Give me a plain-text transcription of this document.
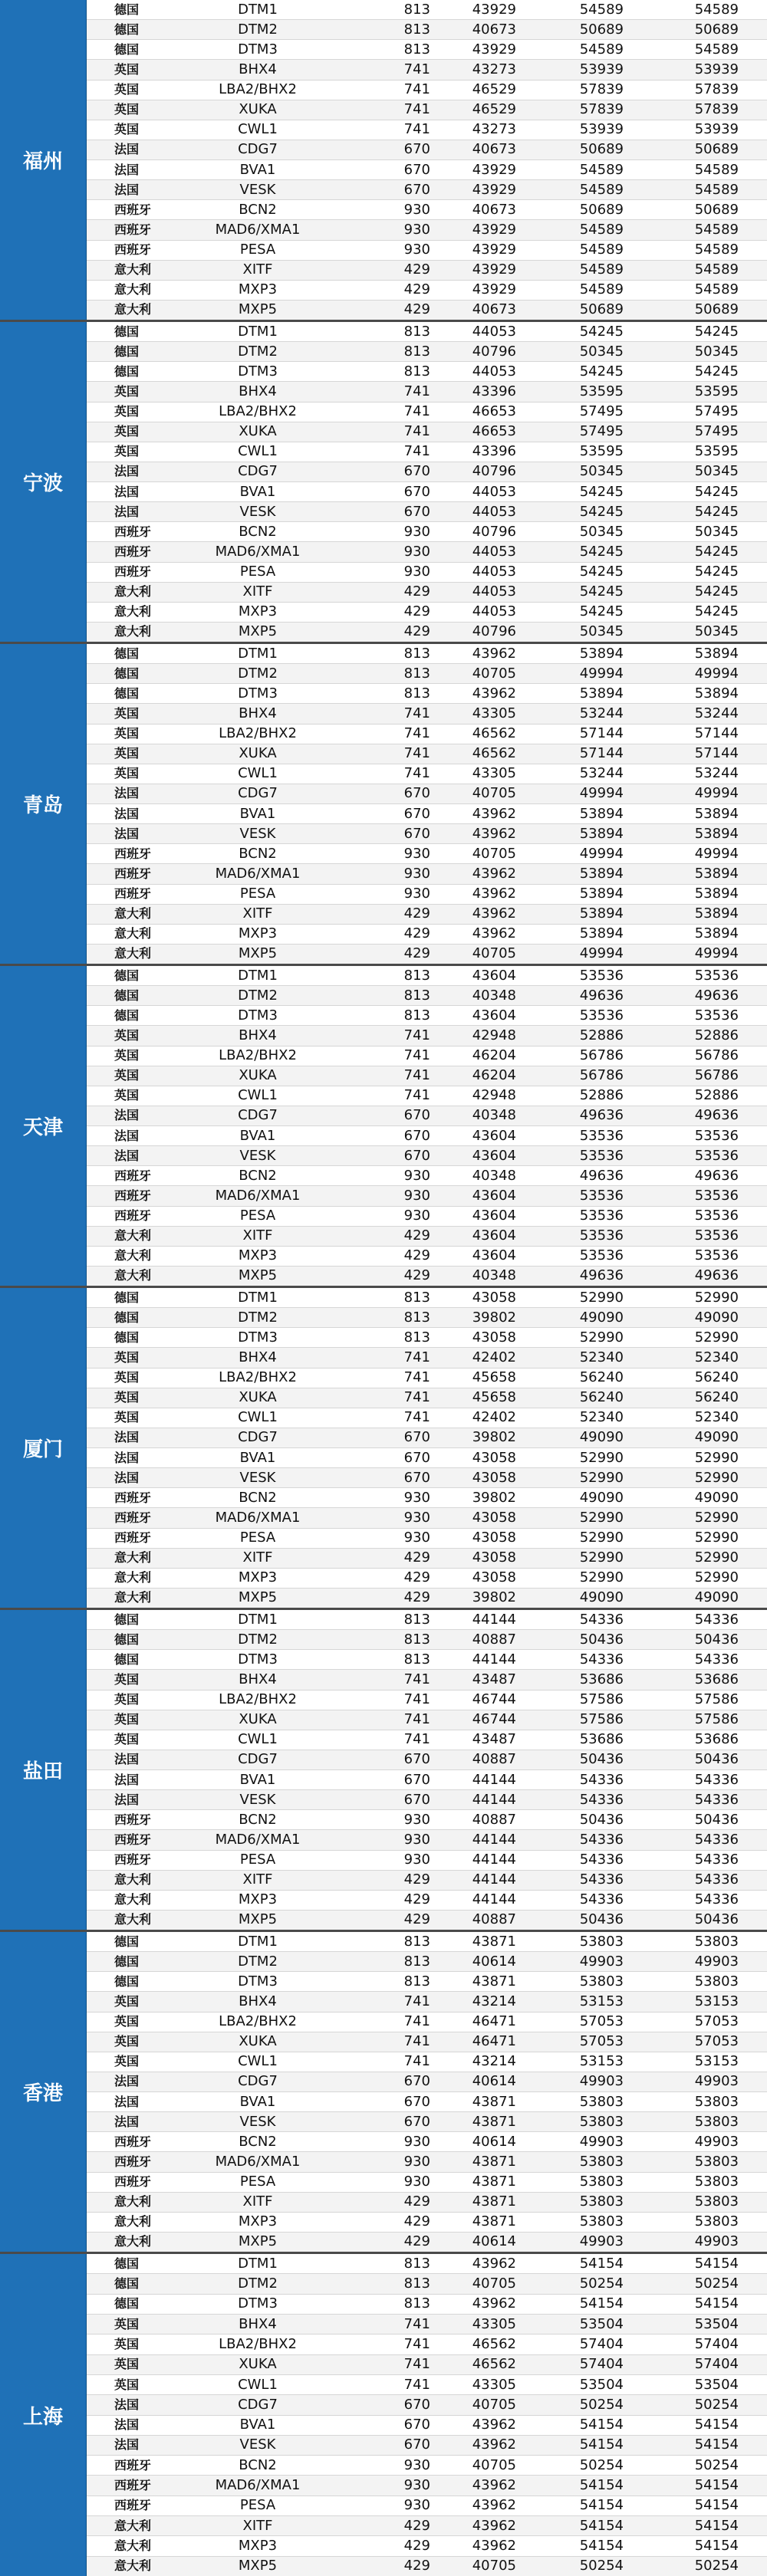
福州
德国	DTM1	813	43929	54589	54589
德国	DTM2	813	40673	50689	50689
德国	DTM3	813	43929	54589	54589
英国	BHX4	741	43273	53939	53939
英国	LBA2/BHX2	741	46529	57839	57839
英国	XUKA	741	46529	57839	57839
英国	CWL1	741	43273	53939	53939
法国	CDG7	670	40673	50689	50689
法国	BVA1	670	43929	54589	54589
法国	VESK	670	43929	54589	54589
西班牙	BCN2	930	40673	50689	50689
西班牙	MAD6/XMA1	930	43929	54589	54589
西班牙	PESA	930	43929	54589	54589
意大利	XITF	429	43929	54589	54589
意大利	MXP3	429	43929	54589	54589
意大利	MXP5	429	40673	50689	50689
宁波
德国	DTM1	813	44053	54245	54245
德国	DTM2	813	40796	50345	50345
德国	DTM3	813	44053	54245	54245
英国	BHX4	741	43396	53595	53595
英国	LBA2/BHX2	741	46653	57495	57495
英国	XUKA	741	46653	57495	57495
英国	CWL1	741	43396	53595	53595
法国	CDG7	670	40796	50345	50345
法国	BVA1	670	44053	54245	54245
法国	VESK	670	44053	54245	54245
西班牙	BCN2	930	40796	50345	50345
西班牙	MAD6/XMA1	930	44053	54245	54245
西班牙	PESA	930	44053	54245	54245
意大利	XITF	429	44053	54245	54245
意大利	MXP3	429	44053	54245	54245
意大利	MXP5	429	40796	50345	50345
青岛
德国	DTM1	813	43962	53894	53894
德国	DTM2	813	40705	49994	49994
德国	DTM3	813	43962	53894	53894
英国	BHX4	741	43305	53244	53244
英国	LBA2/BHX2	741	46562	57144	57144
英国	XUKA	741	46562	57144	57144
英国	CWL1	741	43305	53244	53244
法国	CDG7	670	40705	49994	49994
法国	BVA1	670	43962	53894	53894
法国	VESK	670	43962	53894	53894
西班牙	BCN2	930	40705	49994	49994
西班牙	MAD6/XMA1	930	43962	53894	53894
西班牙	PESA	930	43962	53894	53894
意大利	XITF	429	43962	53894	53894
意大利	MXP3	429	43962	53894	53894
意大利	MXP5	429	40705	49994	49994
天津
德国	DTM1	813	43604	53536	53536
德国	DTM2	813	40348	49636	49636
德国	DTM3	813	43604	53536	53536
英国	BHX4	741	42948	52886	52886
英国	LBA2/BHX2	741	46204	56786	56786
英国	XUKA	741	46204	56786	56786
英国	CWL1	741	42948	52886	52886
法国	CDG7	670	40348	49636	49636
法国	BVA1	670	43604	53536	53536
法国	VESK	670	43604	53536	53536
西班牙	BCN2	930	40348	49636	49636
西班牙	MAD6/XMA1	930	43604	53536	53536
西班牙	PESA	930	43604	53536	53536
意大利	XITF	429	43604	53536	53536
意大利	MXP3	429	43604	53536	53536
意大利	MXP5	429	40348	49636	49636
厦门
德国	DTM1	813	43058	52990	52990
德国	DTM2	813	39802	49090	49090
德国	DTM3	813	43058	52990	52990
英国	BHX4	741	42402	52340	52340
英国	LBA2/BHX2	741	45658	56240	56240
英国	XUKA	741	45658	56240	56240
英国	CWL1	741	42402	52340	52340
法国	CDG7	670	39802	49090	49090
法国	BVA1	670	43058	52990	52990
法国	VESK	670	43058	52990	52990
西班牙	BCN2	930	39802	49090	49090
西班牙	MAD6/XMA1	930	43058	52990	52990
西班牙	PESA	930	43058	52990	52990
意大利	XITF	429	43058	52990	52990
意大利	MXP3	429	43058	52990	52990
意大利	MXP5	429	39802	49090	49090
盐田
德国	DTM1	813	44144	54336	54336
德国	DTM2	813	40887	50436	50436
德国	DTM3	813	44144	54336	54336
英国	BHX4	741	43487	53686	53686
英国	LBA2/BHX2	741	46744	57586	57586
英国	XUKA	741	46744	57586	57586
英国	CWL1	741	43487	53686	53686
法国	CDG7	670	40887	50436	50436
法国	BVA1	670	44144	54336	54336
法国	VESK	670	44144	54336	54336
西班牙	BCN2	930	40887	50436	50436
西班牙	MAD6/XMA1	930	44144	54336	54336
西班牙	PESA	930	44144	54336	54336
意大利	XITF	429	44144	54336	54336
意大利	MXP3	429	44144	54336	54336
意大利	MXP5	429	40887	50436	50436
香港
德国	DTM1	813	43871	53803	53803
德国	DTM2	813	40614	49903	49903
德国	DTM3	813	43871	53803	53803
英国	BHX4	741	43214	53153	53153
英国	LBA2/BHX2	741	46471	57053	57053
英国	XUKA	741	46471	57053	57053
英国	CWL1	741	43214	53153	53153
法国	CDG7	670	40614	49903	49903
法国	BVA1	670	43871	53803	53803
法国	VESK	670	43871	53803	53803
西班牙	BCN2	930	40614	49903	49903
西班牙	MAD6/XMA1	930	43871	53803	53803
西班牙	PESA	930	43871	53803	53803
意大利	XITF	429	43871	53803	53803
意大利	MXP3	429	43871	53803	53803
意大利	MXP5	429	40614	49903	49903
上海
德国	DTM1	813	43962	54154	54154
德国	DTM2	813	40705	50254	50254
德国	DTM3	813	43962	54154	54154
英国	BHX4	741	43305	53504	53504
英国	LBA2/BHX2	741	46562	57404	57404
英国	XUKA	741	46562	57404	57404
英国	CWL1	741	43305	53504	53504
法国	CDG7	670	40705	50254	50254
法国	BVA1	670	43962	54154	54154
法国	VESK	670	43962	54154	54154
西班牙	BCN2	930	40705	50254	50254
西班牙	MAD6/XMA1	930	43962	54154	54154
西班牙	PESA	930	43962	54154	54154
意大利	XITF	429	43962	54154	54154
意大利	MXP3	429	43962	54154	54154
意大利	MXP5	429	40705	50254	50254
